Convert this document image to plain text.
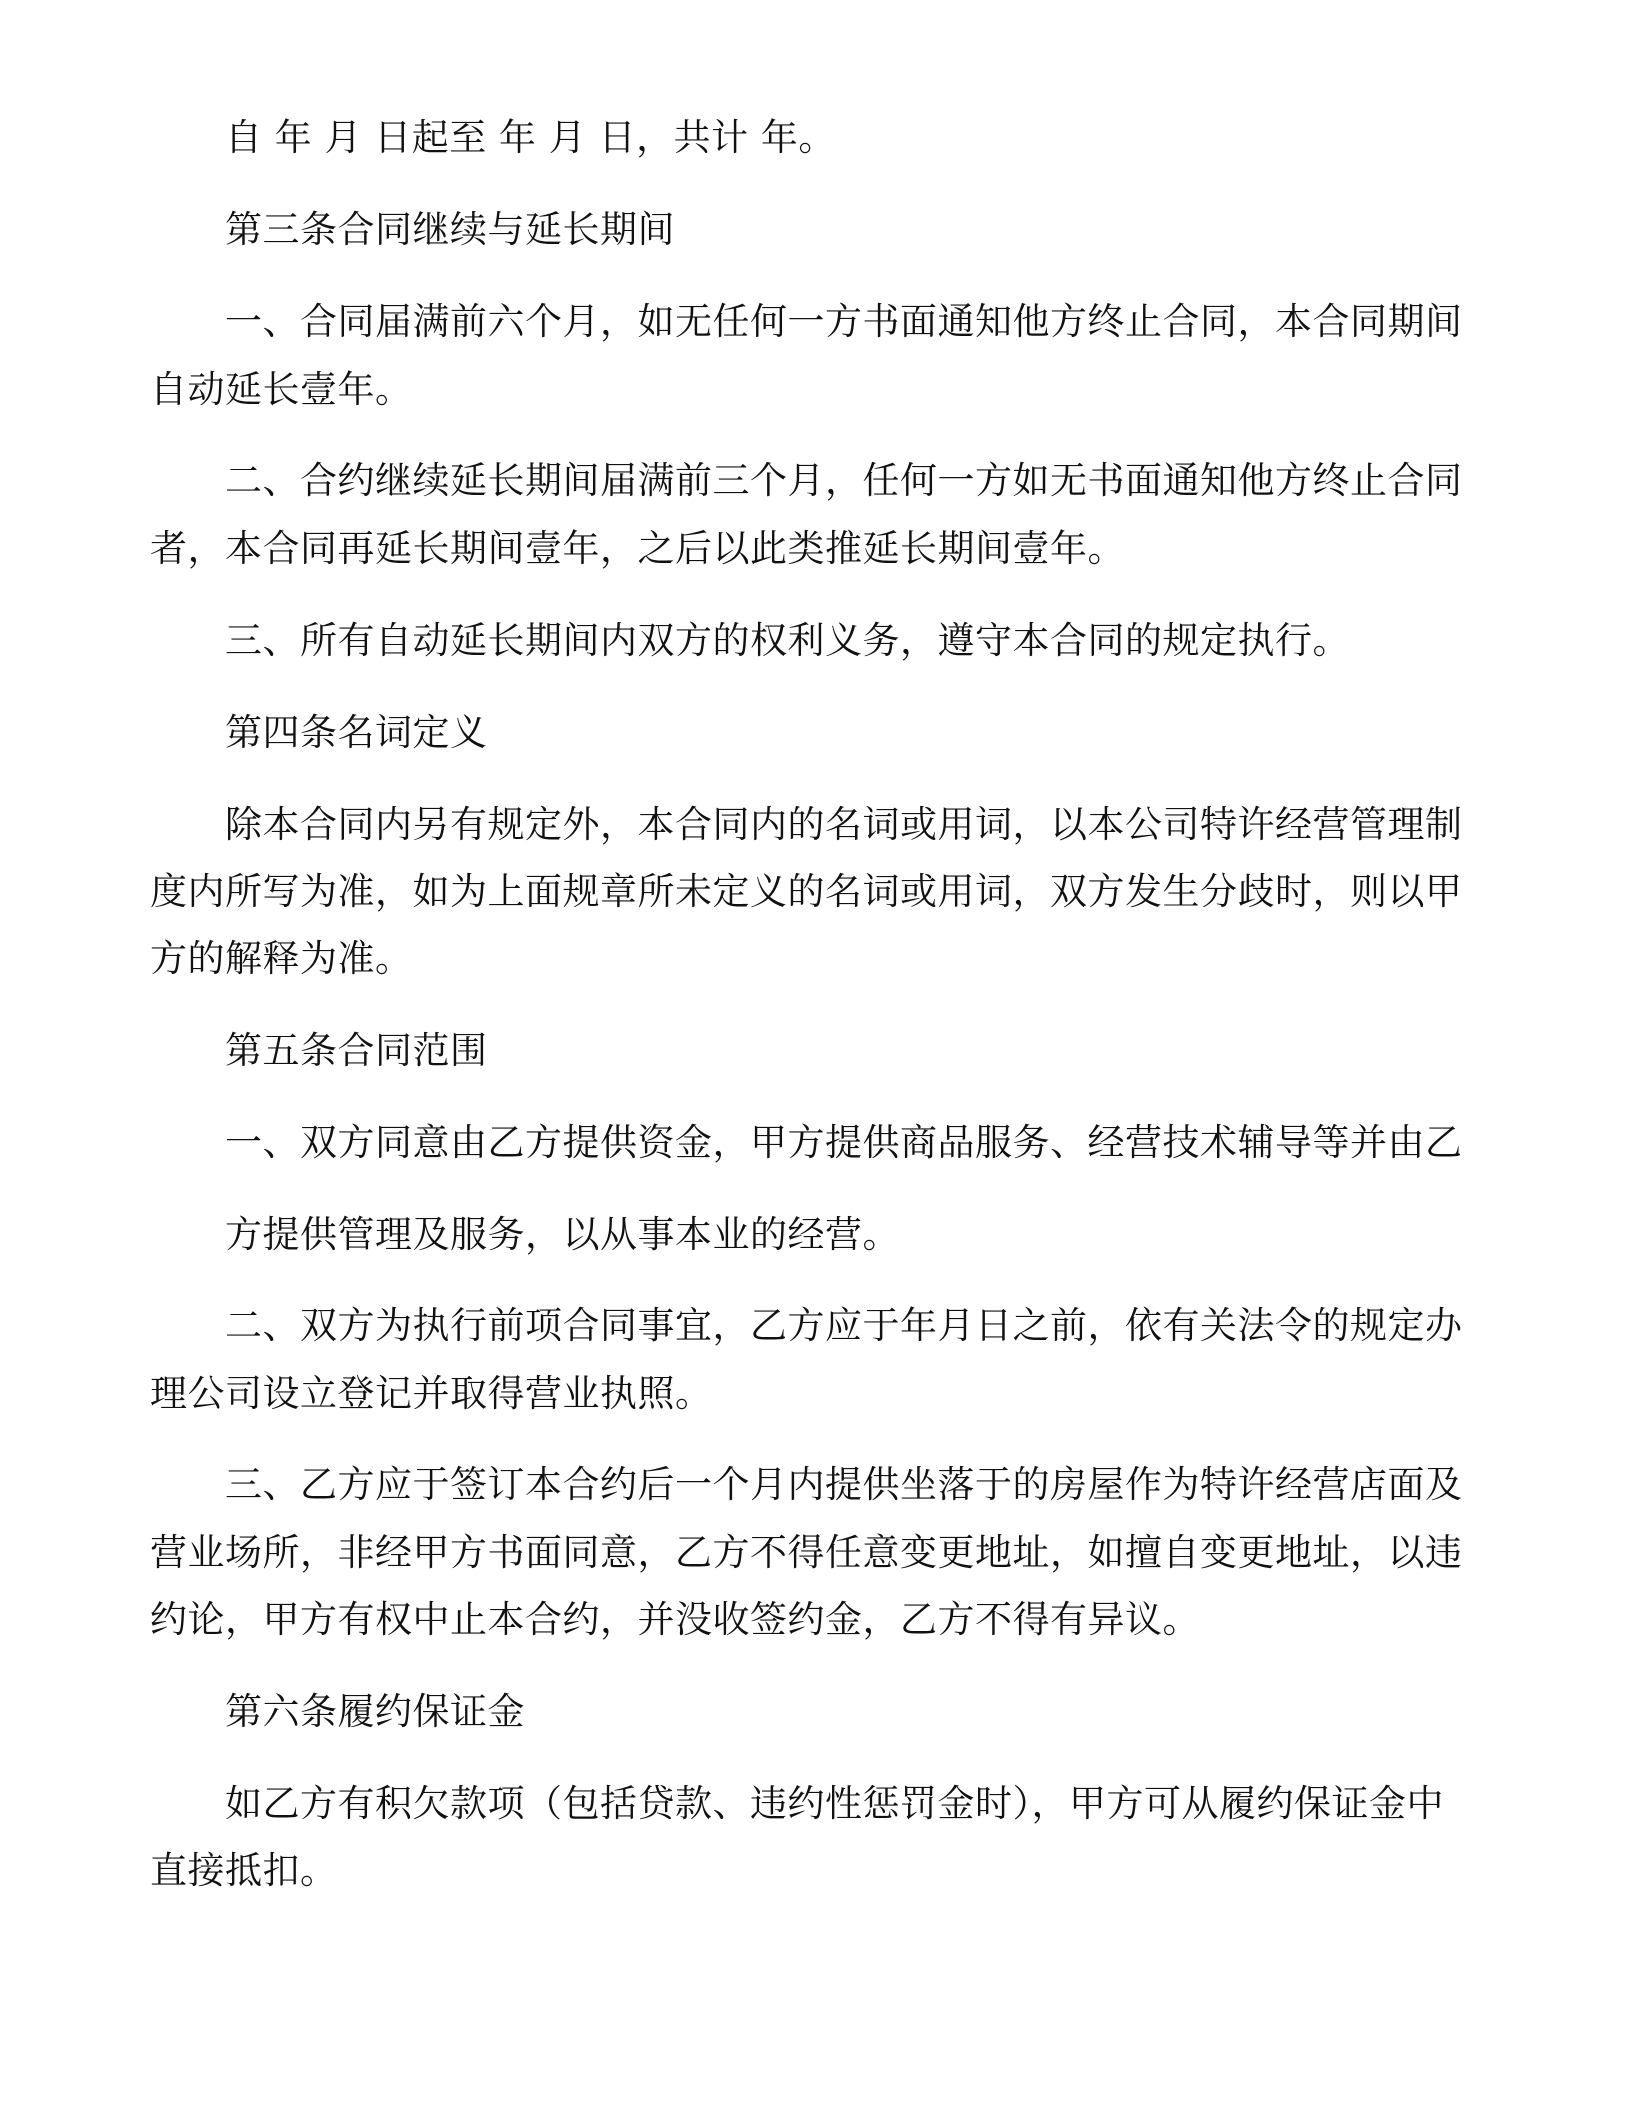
自 年 月 日起至 年 月 日，共计 年。
第三条合同继续与延长期间
一、合同届满前六个月，如无任何一方书面通知他方终止合同，本合同期间
自动延长壹年。
二、合约继续延长期间届满前三个月，任何一方如无书面通知他方终止合同
者，本合同再延长期间壹年，之后以此类推延长期间壹年。
三、所有自动延长期间内双方的权利义务，遵守本合同的规定执行。
第四条名词定义
除本合同内另有规定外，本合同内的名词或用词，以本公司特许经营管理制
度内所写为准，如为上面规章所未定义的名词或用词，双方发生分歧时，则以甲
方的解释为准。
第五条合同范围
一、双方同意由乙方提供资金，甲方提供商品服务、经营技术辅导等并由乙
方提供管理及服务，以从事本业的经营。
二、双方为执行前项合同事宜，乙方应于年月日之前，依有关法令的规定办
理公司设立登记并取得营业执照。
三、乙方应于签订本合约后一个月内提供坐落于的房屋作为特许经营店面及
营业场所，非经甲方书面同意，乙方不得任意变更地址，如擅自变更地址，以违
约论，甲方有权中止本合约，并没收签约金，乙方不得有异议。
第六条履约保证金
如乙方有积欠款项（包括贷款、违约性惩罚金时），甲方可从履约保证金中
直接抵扣。
